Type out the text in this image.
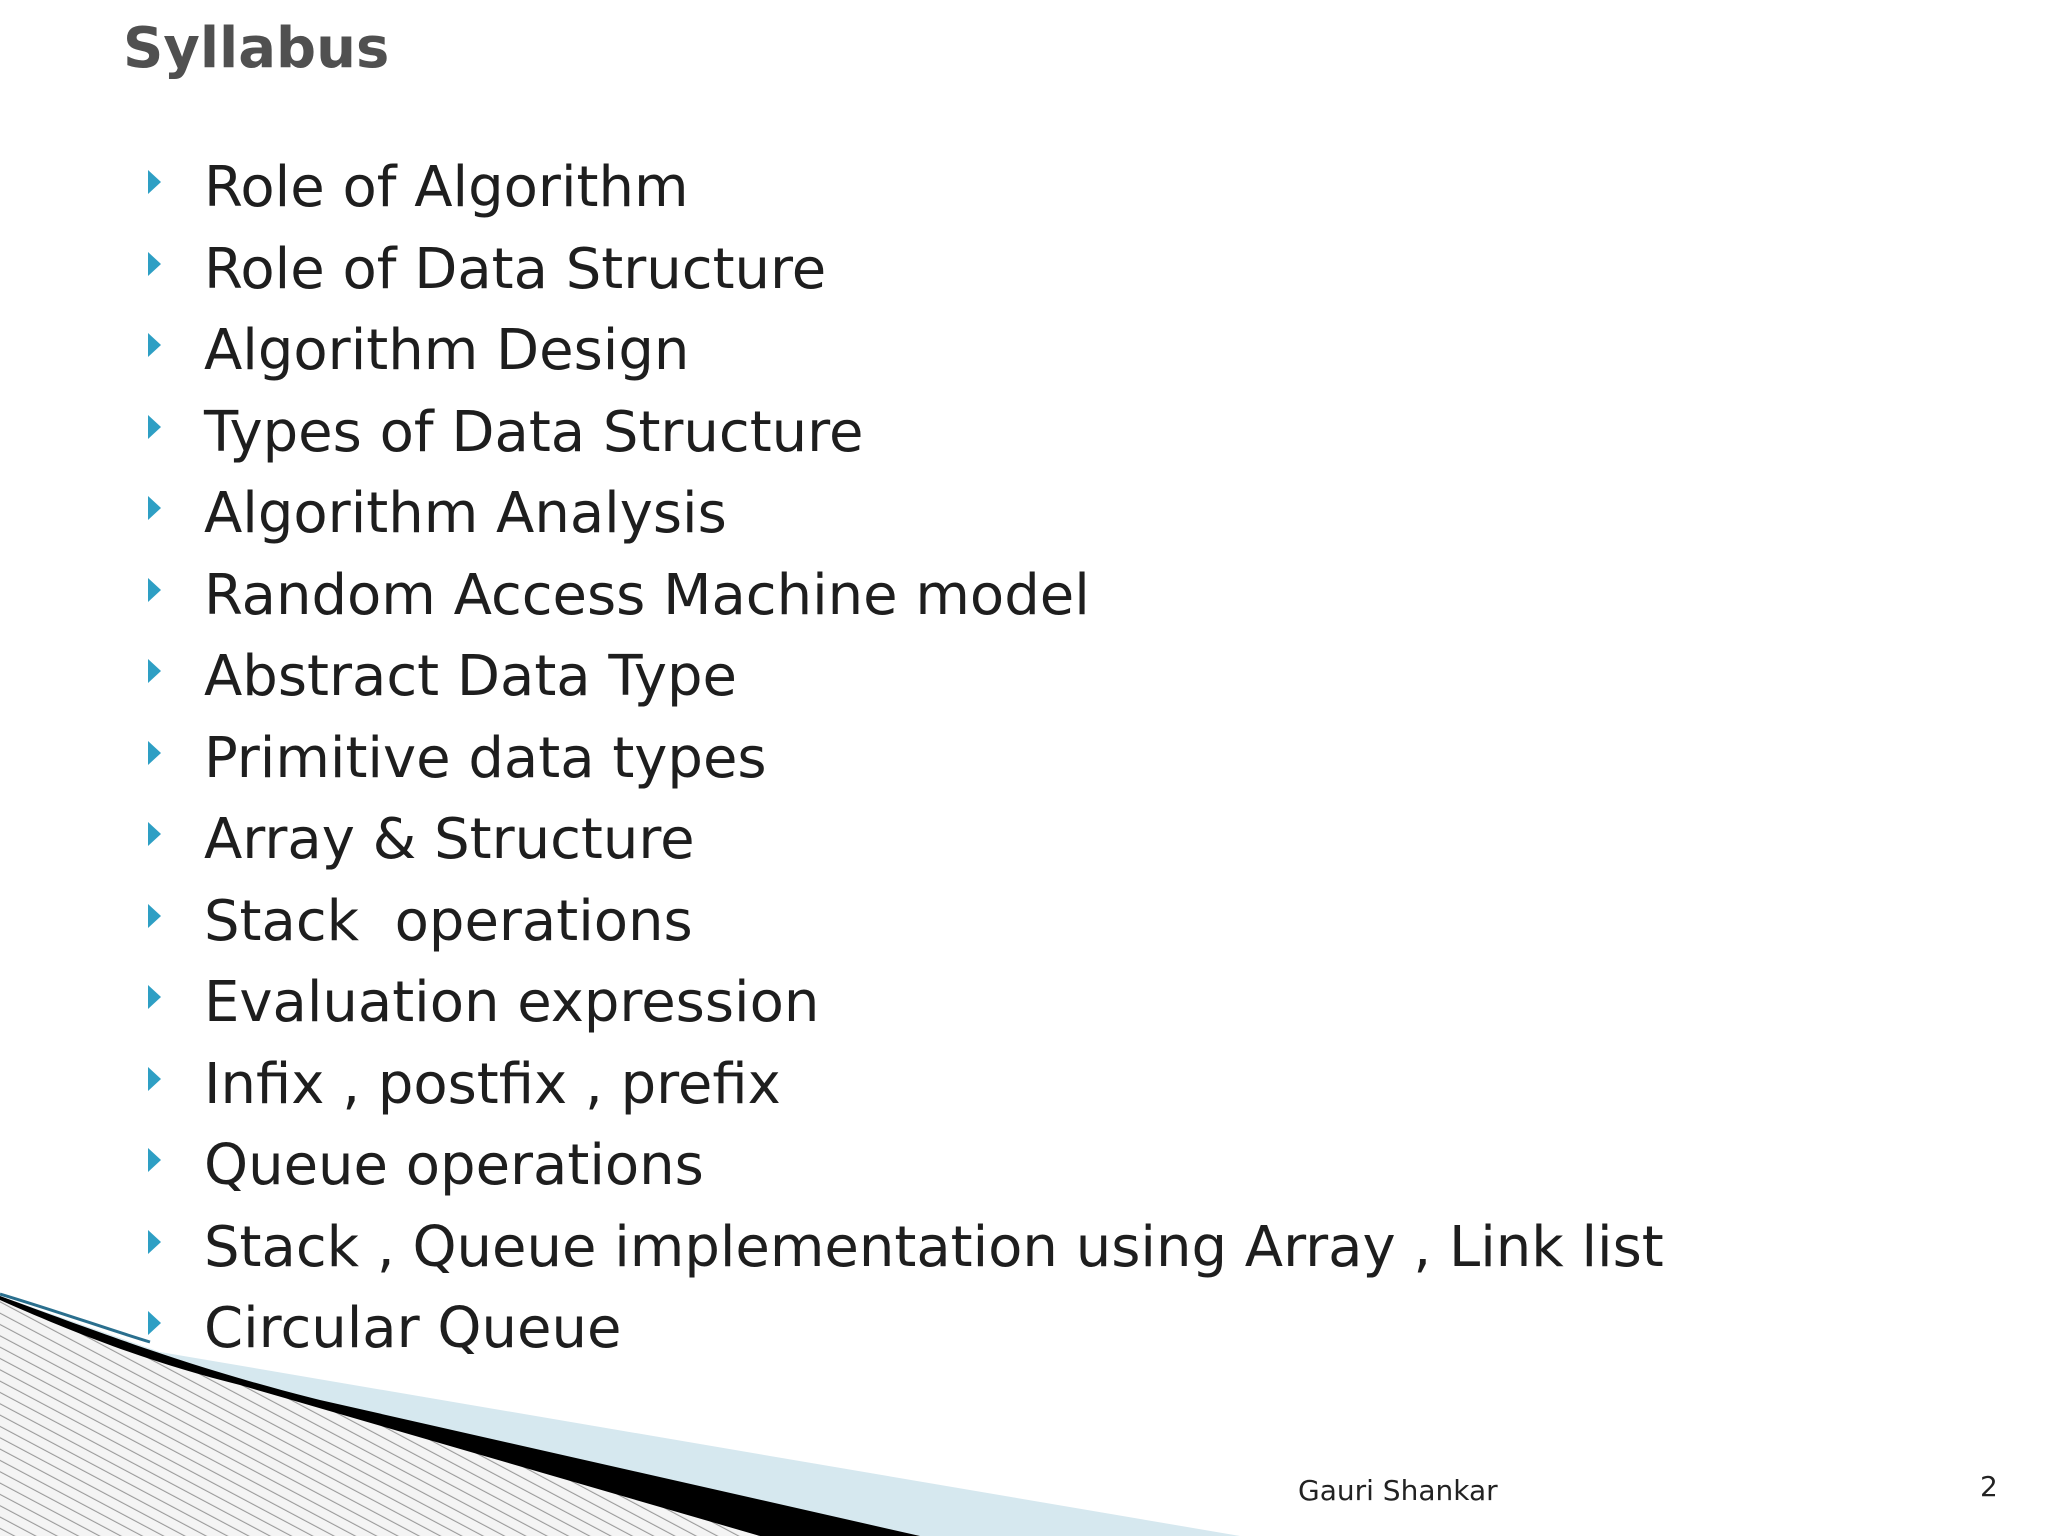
Syllabus
Role of Algorithm
Role of Data Structure
Algorithm Design
Types of Data Structure
Algorithm Analysis
Random Access Machine model
Abstract Data Type
Primitive data types
Array & Structure
Stack  operations
Evaluation expression
Infix , postfix , prefix
Queue operations
Stack , Queue implementation using Array , Link list
Circular Queue
Gauri Shankar	2
